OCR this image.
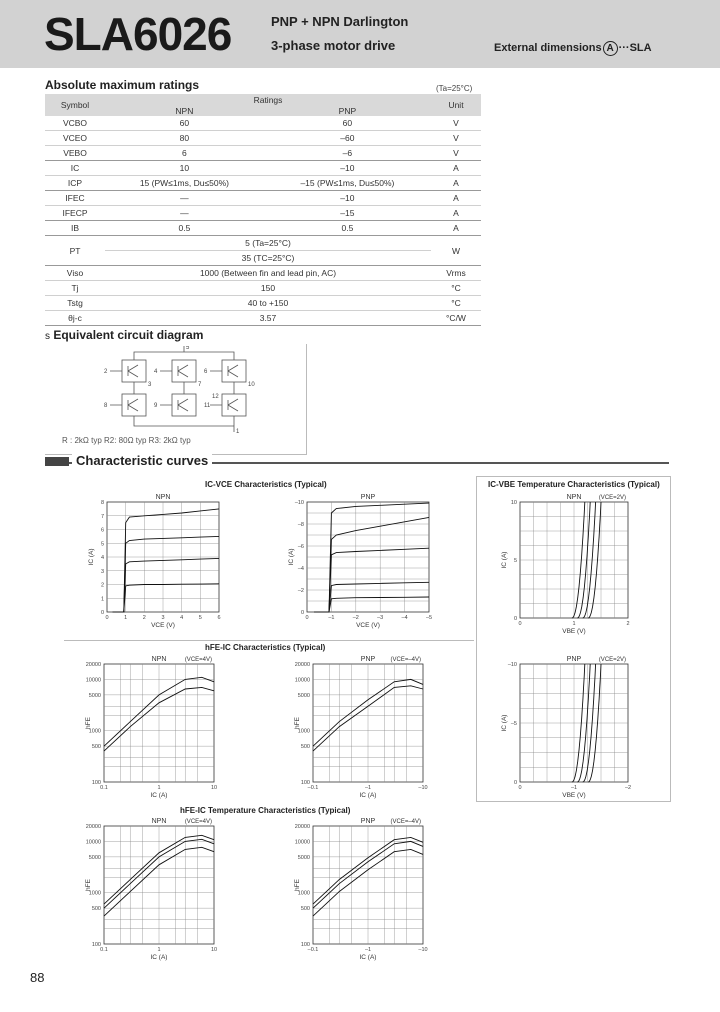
SLA6026	PNP + NPN Darlington
3-phase motor drive	External dimensions A ···SLA
Absolute maximum ratings	(Ta=25°C)
Symbol	Ratings		Unit
	NPN	PNP	
VCBO	60	60	V
VCEO	80	–60	V
VEBO	6	–6	V
IC	10	–10	A
ICP	15 (PW≤1ms, Du≤50%)	–15 (PW≤1ms, Du≤50%)	A
IFEC	—	–10	A
IFECP	—	–15	A
IB	0.5	0.5	A
PT	5 (Ta=25°C)		W
	35 (TC=25°C)		
Viso	1000 (Between fin and lead pin, AC)		Vrms
Tj	150		°C
Tstg	40 to +150		°C
θj-c	3.57		°C/W
s Equivalent circuit diagram
2
3
4
5
6
7
8	9
10
11
12
1
R : 2kΩ typ R2: 80Ω typ R3: 2kΩ typ
Characteristic curves
IC-VCE Characteristics (Typical)	IC-VBE Temperature Characteristics (Typical)
hFE-IC Characteristics (Typical)
hFE-IC Temperature Characteristics (Typical)
NPN
VCE (V)
IC (A)
0	1	2	3	4	5	6
0
1
2
3
4
5
6
7
8
PNP
VCE (V)
IC (A)
0	–1	–2	–3	–4	–5
0
–2
–4
–6
–8
–10
NPN
VBE (V)
IC (A)
(VCE=2V)
0	1	2
10
5
0
PNP
VBE (V)
IC (A)
(VCE=2V)
0	–1	–2
–10
–5
0
NPN
IC (A)
hFE
(VCE=4V)
0.1	1	10
20000
10000
5000
1000
500
100
PNP
IC (A)
hFE
(VCE=–4V)
–0.1	–1	–10
20000
10000
5000
1000
500
100
NPN
IC (A)
hFE
(VCE=4V)
0.1	1	10
20000
10000
5000
1000
500
100
PNP
IC (A)
hFE
(VCE=–4V)
–0.1	–1	–10
20000
10000
5000
1000
500
100
88
